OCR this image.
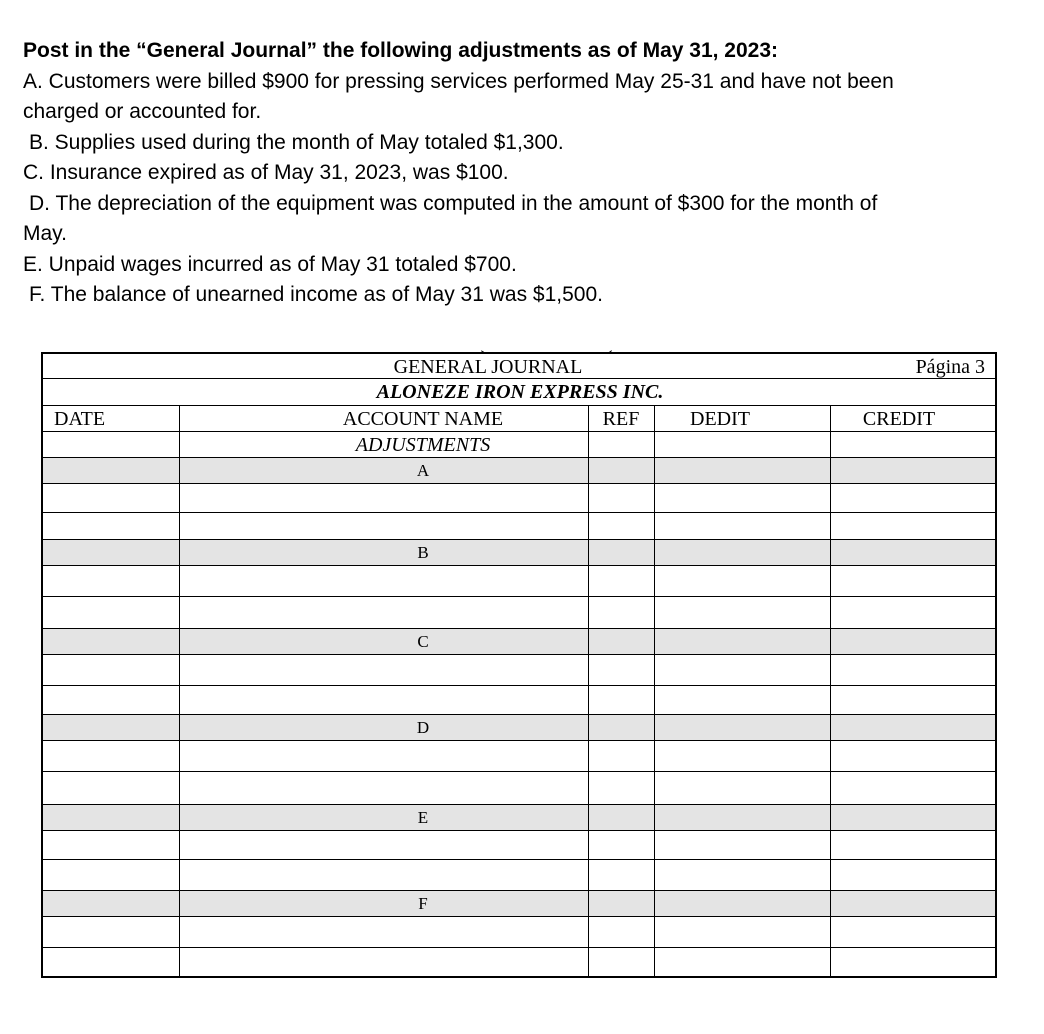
Post in the “General Journal” the following adjustments as of May 31, 2023:
A. Customers were billed $900 for pressing services performed May 25-31 and have not been
charged or accounted for.
B. Supplies used during the month of May totaled $1,300.
C. Insurance expired as of May 31, 2023, was $100.
D. The depreciation of the equipment was computed in the amount of $300 for the month of
May.
E. Unpaid wages incurred as of May 31 totaled $700.
F. The balance of unearned income as of May 31 was $1,500.
GENERAL JOURNAL	Página 3
ALONEZE IRON EXPRESS INC.
DATE	ACCOUNT NAME	REF	DEDIT	CREDIT
ADJUSTMENTS
A
B
C
D
E
F
